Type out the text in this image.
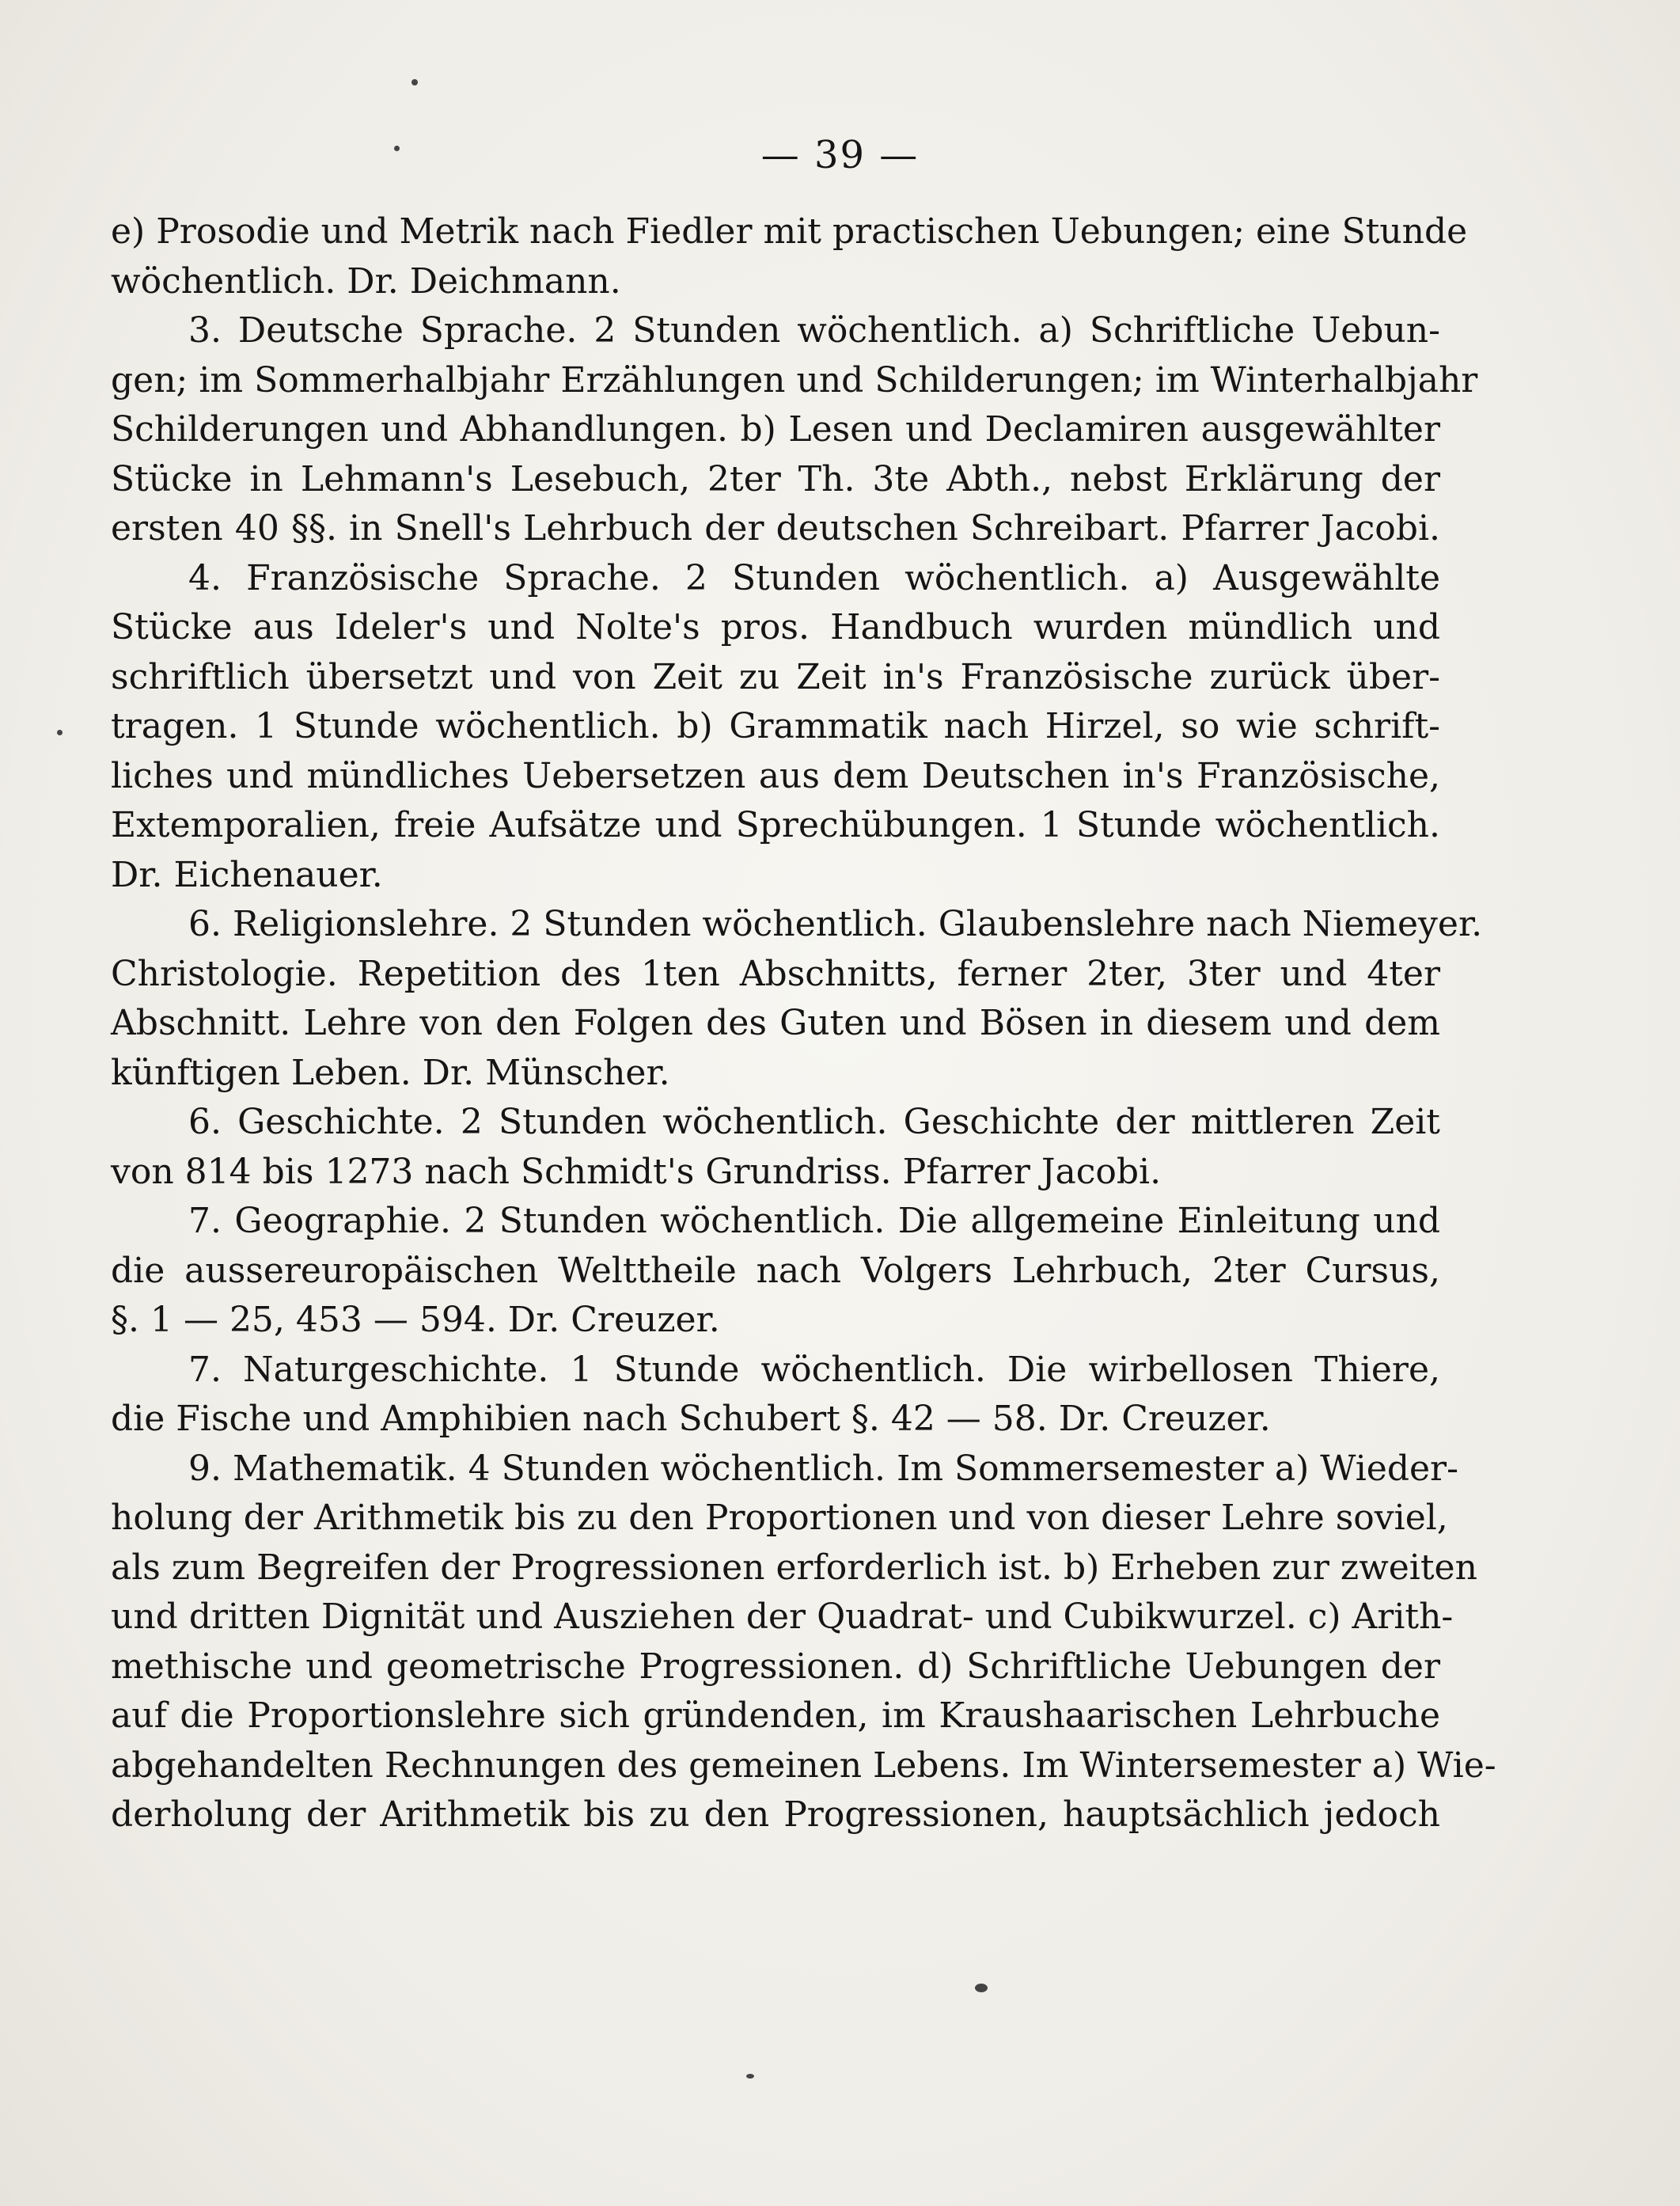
— 39 —
e) Prosodie und Metrik nach Fiedler mit practischen Uebungen; eine Stunde
wöchentlich. Dr. Deichmann.
3. Deutsche Sprache. 2 Stunden wöchentlich. a) Schriftliche Uebun-
gen; im Sommerhalbjahr Erzählungen und Schilderungen; im Winterhalbjahr
Schilderungen und Abhandlungen. b) Lesen und Declamiren ausgewählter
Stücke in Lehmann's Lesebuch, 2ter Th. 3te Abth., nebst Erklärung der
ersten 40 §§. in Snell's Lehrbuch der deutschen Schreibart. Pfarrer Jacobi.
4. Französische Sprache. 2 Stunden wöchentlich. a) Ausgewählte
Stücke aus Ideler's und Nolte's pros. Handbuch wurden mündlich und
schriftlich übersetzt und von Zeit zu Zeit in's Französische zurück über-
tragen. 1 Stunde wöchentlich. b) Grammatik nach Hirzel, so wie schrift-
liches und mündliches Uebersetzen aus dem Deutschen in's Französische,
Extemporalien, freie Aufsätze und Sprechübungen. 1 Stunde wöchentlich.
Dr. Eichenauer.
6. Religionslehre. 2 Stunden wöchentlich. Glaubenslehre nach Niemeyer.
Christologie. Repetition des 1ten Abschnitts, ferner 2ter, 3ter und 4ter
Abschnitt. Lehre von den Folgen des Guten und Bösen in diesem und dem
künftigen Leben. Dr. Münscher.
6. Geschichte. 2 Stunden wöchentlich. Geschichte der mittleren Zeit
von 814 bis 1273 nach Schmidt's Grundriss. Pfarrer Jacobi.
7. Geographie. 2 Stunden wöchentlich. Die allgemeine Einleitung und
die aussereuropäischen Welttheile nach Volgers Lehrbuch, 2ter Cursus,
§. 1 — 25, 453 — 594. Dr. Creuzer.
7. Naturgeschichte. 1 Stunde wöchentlich. Die wirbellosen Thiere,
die Fische und Amphibien nach Schubert §. 42 — 58. Dr. Creuzer.
9. Mathematik. 4 Stunden wöchentlich. Im Sommersemester a) Wieder-
holung der Arithmetik bis zu den Proportionen und von dieser Lehre soviel,
als zum Begreifen der Progressionen erforderlich ist. b) Erheben zur zweiten
und dritten Dignität und Ausziehen der Quadrat- und Cubikwurzel. c) Arith-
methische und geometrische Progressionen. d) Schriftliche Uebungen der
auf die Proportionslehre sich gründenden, im Kraushaarischen Lehrbuche
abgehandelten Rechnungen des gemeinen Lebens. Im Wintersemester a) Wie-
derholung der Arithmetik bis zu den Progressionen, hauptsächlich jedoch
